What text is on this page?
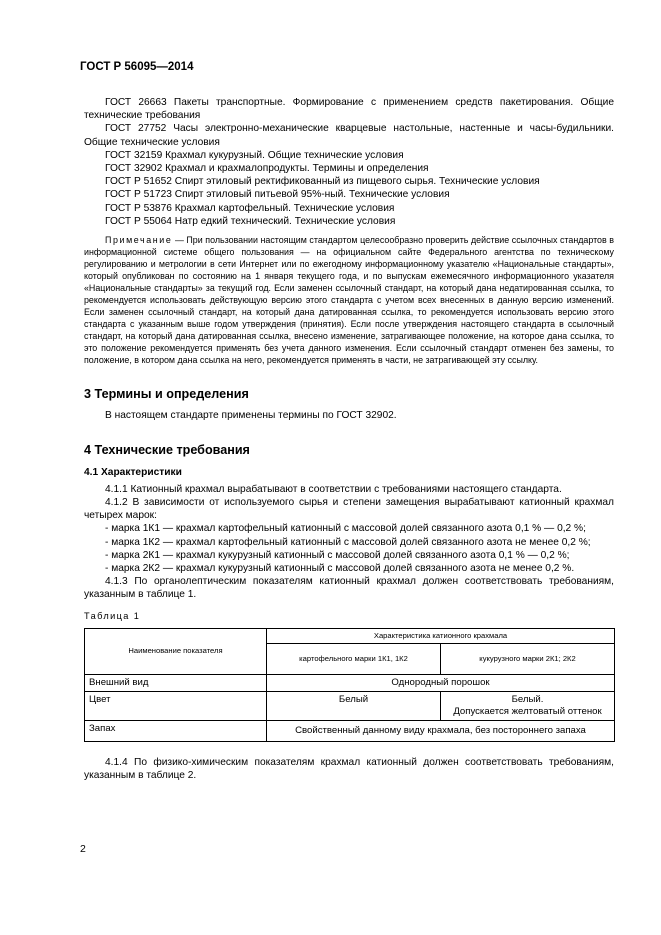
ГОСТ Р 56095—2014

ГОСТ 26663 Пакеты транспортные. Формирование с применением средств пакетирования. Общие технические требования

ГОСТ 27752 Часы электронно-механические кварцевые настольные, настенные и часы-будильники. Общие технические условия

ГОСТ 32159 Крахмал кукурузный. Общие технические условия

ГОСТ 32902 Крахмал и крахмалопродукты. Термины и определения

ГОСТ Р 51652 Спирт этиловый ректификованный из пищевого сырья. Технические условия

ГОСТ Р 51723 Спирт этиловый питьевой 95%-ный. Технические условия

ГОСТ Р 53876 Крахмал картофельный. Технические условия

ГОСТ Р 55064 Натр едкий технический. Технические условия

Примечание — При пользовании настоящим стандартом целесообразно проверить действие ссылочных стандартов в информационной системе общего пользования — на официальном сайте Федерального агентства по техническому регулированию и метрологии в сети Интернет или по ежегодному информационному указателю «Национальные стандарты», который опубликован по состоянию на 1 января текущего года, и по выпускам ежемесячного информационного указателя «Национальные стандарты» за текущий год. Если заменен ссылочный стандарт, на который дана недатированная ссылка, то рекомендуется использовать действующую версию этого стандарта с учетом всех внесенных в данную версию изменений. Если заменен ссылочный стандарт, на который дана датированная ссылка, то рекомендуется использовать версию этого стандарта с указанным выше годом утверждения (принятия). Если после утверждения настоящего стандарта в ссылочный стандарт, на который дана датированная ссылка, внесено изменение, затрагивающее положение, на которое дана ссылка, то это положение рекомендуется применять без учета данного изменения. Если ссылочный стандарт отменен без замены, то положение, в котором дана ссылка на него, рекомендуется применять в части, не затрагивающей эту ссылку.

3 Термины и определения

В настоящем стандарте применены термины по ГОСТ 32902.

4 Технические требования

4.1 Характеристики

4.1.1 Катионный крахмал вырабатывают в соответствии с требованиями настоящего стандарта.

4.1.2 В зависимости от используемого сырья и степени замещения вырабатывают катионный крахмал четырех марок:

- марка 1К1 — крахмал картофельный катионный с массовой долей связанного азота 0,1 % — 0,2 %;

- марка 1К2 — крахмал картофельный катионный с массовой долей связанного азота не менее 0,2 %;

- марка 2К1 — крахмал кукурузный катионный с массовой долей связанного азота 0,1 % — 0,2 %;

- марка 2К2 — крахмал кукурузный катионный с массовой долей связанного азота не менее 0,2 %.

4.1.3 По органолептическим показателям катионный крахмал должен соответствовать требованиям, указанным в таблице 1.

Таблица 1

Наименование показателя	Характеристика катионного крахмала	
	картофельного марки 1К1, 1К2	кукурузного марки 2К1; 2К2
Внешний вид	Однородный порошок	
Цвет	Белый	Белый.
Допускается желтоватый оттенок

Запах	Свойственный данному виду крахмала, без постороннего запаха	

4.1.4 По физико-химическим показателям крахмал катионный должен соответствовать требованиям, указанным в таблице 2.

2
